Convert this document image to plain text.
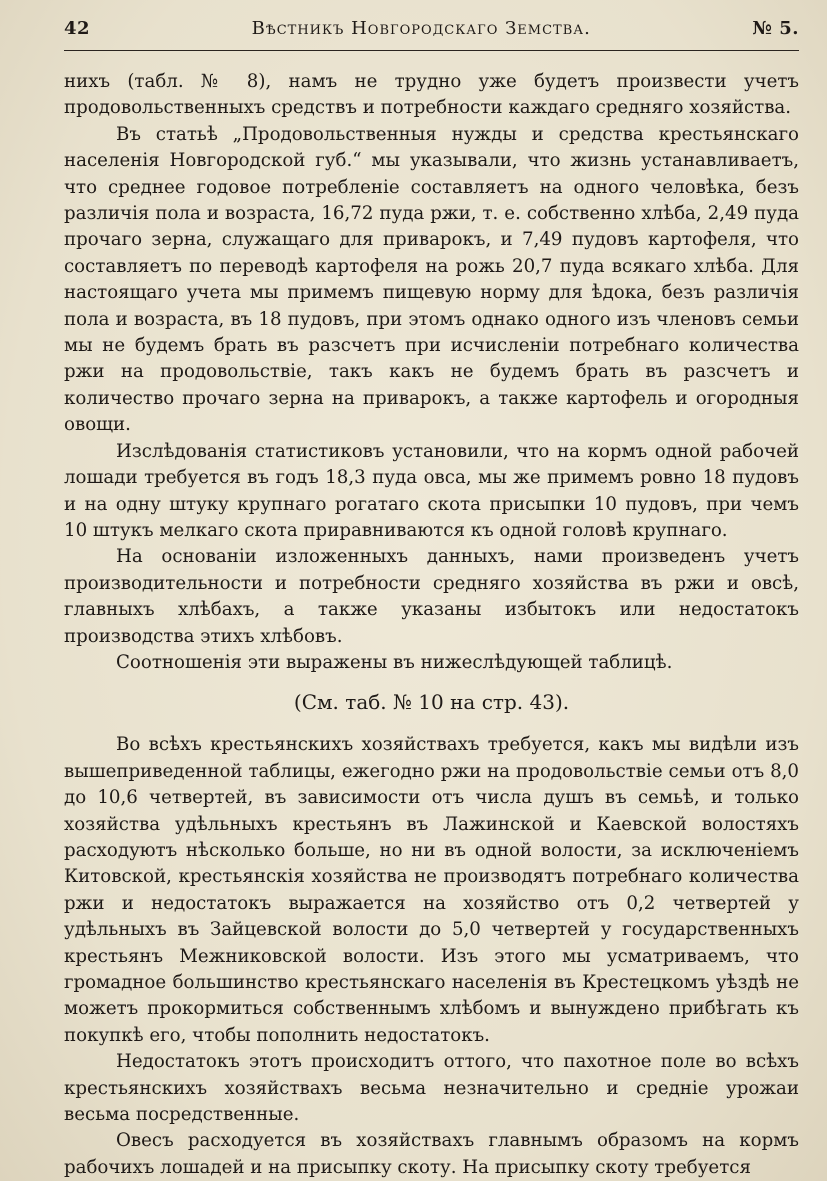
42	Вѣстникъ Новгородскаго Земства.	№ 5.

нихъ (табл. № 8), намъ не трудно уже будетъ произвести учетъ продовольственныхъ средствъ и потребности каждаго средняго хозяйства.

Въ статьѣ „Продовольственныя нужды и средства крестьянскаго населенія Новгородской губ.“ мы указывали, что жизнь устанавливаетъ, что среднее годовое потребленіе составляетъ на одного человѣка, безъ различія пола и возраста, 16,72 пуда ржи, т. е. собственно хлѣба, 2,49 пуда прочаго зерна, служащаго для приварокъ, и 7,49 пудовъ картофеля, что составляетъ по переводѣ картофеля на рожь 20,7 пуда всякаго хлѣба. Для настоящаго учета мы примемъ пищевую норму для ѣдока, безъ различія пола и возраста, въ 18 пудовъ, при этомъ однако одного изъ членовъ семьи мы не будемъ брать въ разсчетъ при исчисленіи потребнаго количества ржи на продовольствіе, такъ какъ не будемъ брать въ разсчетъ и количество прочаго зерна на приварокъ, а также картофель и огородныя овощи.

Изслѣдованія статистиковъ установили, что на кормъ одной рабочей лошади требуется въ годъ 18,3 пуда овса, мы же примемъ ровно 18 пудовъ и на одну штуку крупнаго рогатаго скота присыпки 10 пудовъ, при чемъ 10 штукъ мелкаго скота приравниваются къ одной головѣ крупнаго.

На основаніи изложенныхъ данныхъ, нами произведенъ учетъ производительности и потребности средняго хозяйства въ ржи и овсѣ, главныхъ хлѣбахъ, а также указаны избытокъ или недостатокъ производства этихъ хлѣбовъ.

Соотношенія эти выражены въ нижеслѣдующей таблицѣ.

(См. таб. № 10 на стр. 43).

Во всѣхъ крестьянскихъ хозяйствахъ требуется, какъ мы видѣли изъ вышеприведенной таблицы, ежегодно ржи на продовольствіе семьи отъ 8,0 до 10,6 четвертей, въ зависимости отъ числа душъ въ семьѣ, и только хозяйства удѣльныхъ крестьянъ въ Лажинской и Каевской волостяхъ расходуютъ нѣсколько больше, но ни въ одной волости, за исключеніемъ Китовской, крестьянскія хозяйства не производятъ потребнаго количества ржи и недостатокъ выражается на хозяйство отъ 0,2 четвертей у удѣльныхъ въ Зайцевской волости до 5,0 четвертей у государственныхъ крестьянъ Межниковской волости. Изъ этого мы усматриваемъ, что громадное большинство крестьянскаго населенія въ Крестецкомъ уѣздѣ не можетъ прокормиться собственнымъ хлѣбомъ и вынуждено прибѣгать къ покупкѣ его, чтобы пополнить недостатокъ.

Недостатокъ этотъ происходитъ оттого, что пахотное поле во всѣхъ крестьянскихъ хозяйствахъ весьма незначительно и средніе урожаи весьма посредственные.

Овесъ расходуется въ хозяйствахъ главнымъ образомъ на кормъ рабочихъ лошадей и на присыпку скоту. На присыпку скоту требуется
